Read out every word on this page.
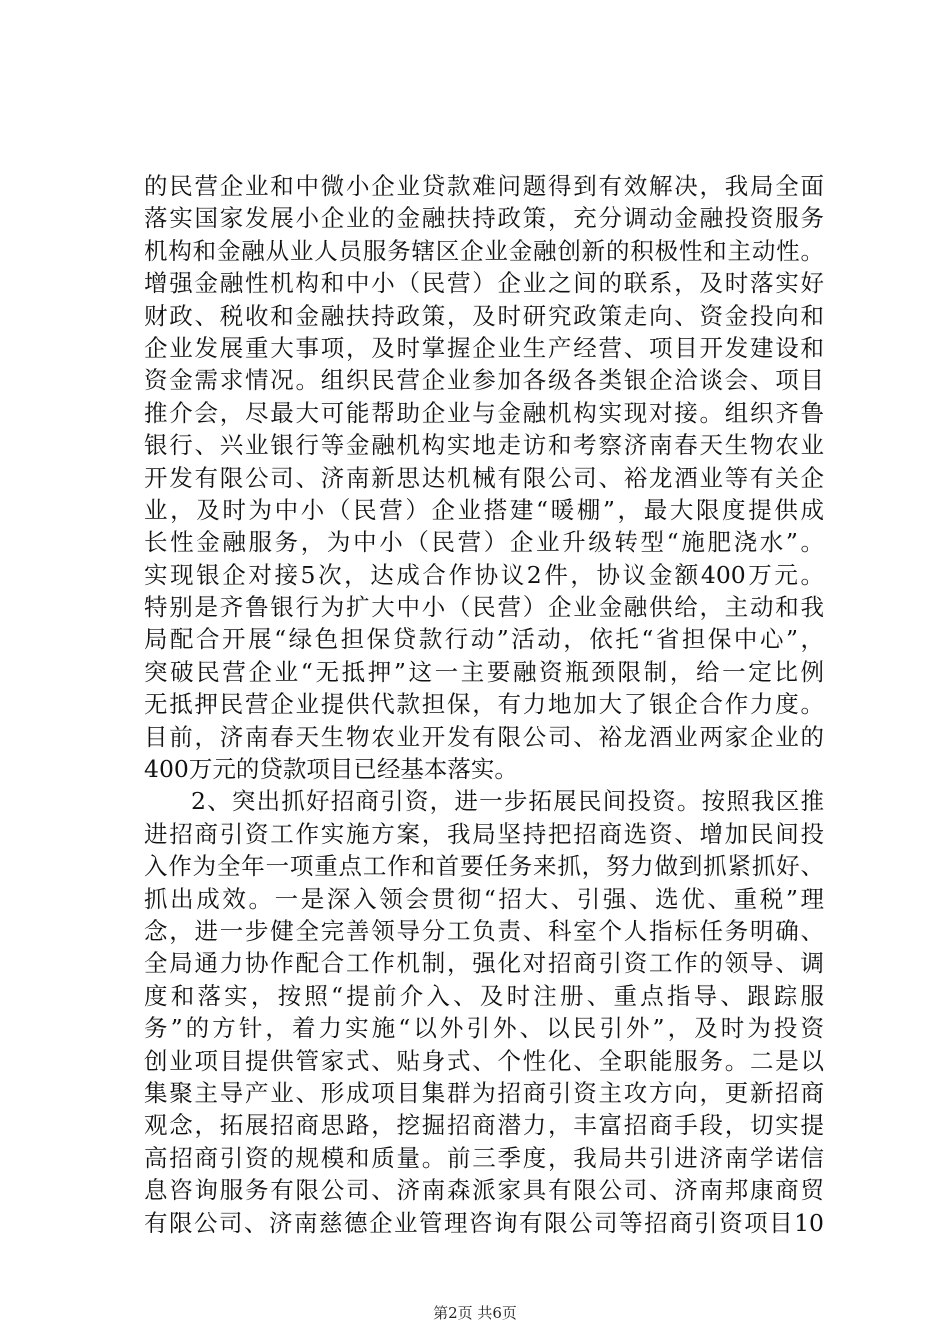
的民营企业和中微小企业贷款难问题得到有效解决，我局全面
落实国家发展小企业的金融扶持政策，充分调动金融投资服务
机构和金融从业人员服务辖区企业金融创新的积极性和主动性。
增强金融性机构和中小（民营）企业之间的联系，及时落实好
财政、税收和金融扶持政策，及时研究政策走向、资金投向和
企业发展重大事项，及时掌握企业生产经营、项目开发建设和
资金需求情况。组织民营企业参加各级各类银企洽谈会、项目
推介会，尽最大可能帮助企业与金融机构实现对接。组织齐鲁
银行、兴业银行等金融机构实地走访和考察济南春天生物农业
开发有限公司、济南新思达机械有限公司、裕龙酒业等有关企
业，及时为中小（民营）企业搭建“暖棚”，最大限度提供成
长性金融服务，为中小（民营）企业升级转型“施肥浇水”。
实现银企对接5次，达成合作协议2件，协议金额400万元。
特别是齐鲁银行为扩大中小（民营）企业金融供给，主动和我
局配合开展“绿色担保贷款行动”活动，依托“省担保中心”，
突破民营企业“无抵押”这一主要融资瓶颈限制，给一定比例
无抵押民营企业提供代款担保，有力地加大了银企合作力度。
目前，济南春天生物农业开发有限公司、裕龙酒业两家企业的
400万元的贷款项目已经基本落实。
2、突出抓好招商引资，进一步拓展民间投资。按照我区推
进招商引资工作实施方案，我局坚持把招商选资、增加民间投
入作为全年一项重点工作和首要任务来抓，努力做到抓紧抓好、
抓出成效。一是深入领会贯彻“招大、引强、选优、重税”理
念，进一步健全完善领导分工负责、科室个人指标任务明确、
全局通力协作配合工作机制，强化对招商引资工作的领导、调
度和落实，按照“提前介入、及时注册、重点指导、跟踪服
务”的方针，着力实施“以外引外、以民引外”，及时为投资
创业项目提供管家式、贴身式、个性化、全职能服务。二是以
集聚主导产业、形成项目集群为招商引资主攻方向，更新招商
观念，拓展招商思路，挖掘招商潜力，丰富招商手段，切实提
高招商引资的规模和质量。前三季度，我局共引进济南学诺信
息咨询服务有限公司、济南森派家具有限公司、济南邦康商贸
有限公司、济南慈德企业管理咨询有限公司等招商引资项目10
第2页 共6页
